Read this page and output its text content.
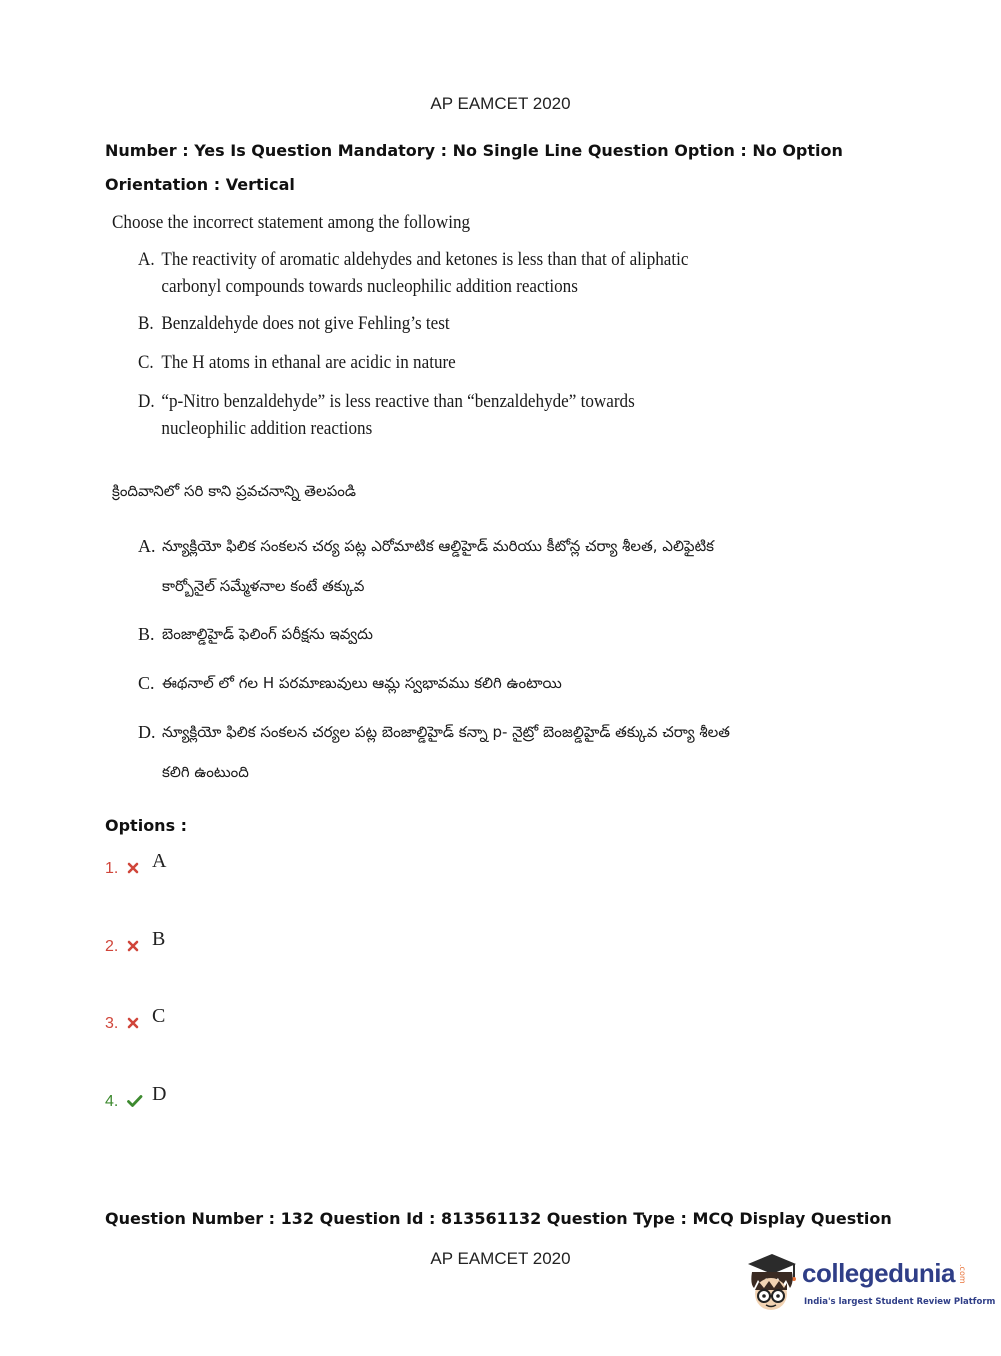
AP EAMCET 2020
Number : Yes Is Question Mandatory : No Single Line Question Option : No Option
Orientation : Vertical
Choose the incorrect statement among the following
A. The reactivity of aromatic aldehydes and ketones is less than that of aliphatic carbonyl compounds towards nucleophilic addition reactions
B. Benzaldehyde does not give Fehling’s test
C. The H atoms in ethanal are acidic in nature
D. “p-Nitro benzaldehyde” is less reactive than “benzaldehyde” towards nucleophilic addition reactions
క్రిందివానిలో సరి కాని ప్రవచనాన్ని తెలపండి
A. న్యూక్లియో ఫిలిక సంకలన చర్య పట్ల ఎరోమాటిక ఆల్డిహైడ్ మరియు కీటోన్ల చర్యా శీలత, ఎలిఫైటిక కార్బోనైల్ సమ్మేళనాల కంటే తక్కువ
B. బెంజాల్డిహైడ్ ఫెలింగ్ పరీక్షను ఇవ్వదు
C. ఈథనాల్ లో గల H పరమాణువులు ఆమ్ల స్వభావము కలిగి ఉంటాయి
D. న్యూక్లియో ఫిలిక సంకలన చర్యల పట్ల బెంజాల్డిహైడ్ కన్నా p- నైట్రో బెంజల్డిహైడ్ తక్కువ చర్యా శీలత కలిగి ఉంటుంది
Options :
1. A
2. B
3. C
4. D
Question Number : 132 Question Id : 813561132 Question Type : MCQ Display Question
AP EAMCET 2020	collegedunia .com
India's largest Student Review Platform
